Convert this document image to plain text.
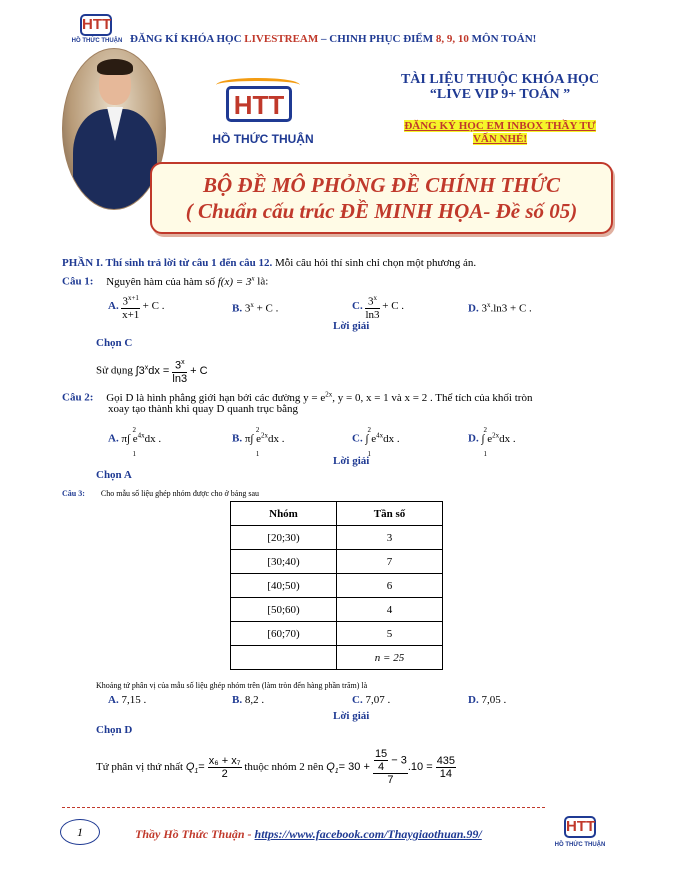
HTT
HỒ THỨC THUẬN ĐĂNG KÍ KHÓA HỌC LIVESTREAM – CHINH PHỤC ĐIỂM 8, 9, 10 MÔN TOÁN!
HTT
HỒ THỨC THUẬN
TÀI LIỆU THUỘC KHÓA HỌC
“LIVE VIP 9+ TOÁN ”
ĐĂNG KÝ HỌC EM INBOX THẦY TƯ
VẤN NHÉ!
BỘ ĐỀ MÔ PHỎNG ĐỀ CHÍNH THỨC
( Chuẩn cấu trúc ĐỀ MINH HỌA- Đề số 05)
PHẦN I. Thí sinh trả lời từ câu 1 đến câu 12. Mỗi câu hỏi thí sinh chỉ chọn một phương án.
Câu 1: Nguyên hàm của hàm số $f(x) = 3^x$ là:
A. $\frac{3^{x+1}}{x+1} + C$ .	B. $3^x + C$ .	C. $\frac{3^x}{\ln 3} + C$ .	D. $3^x.\ln 3 + C$ .
Lời giải
Chọn C
Sử dụng $\int 3^xdx = \frac{3^x}{\ln 3} + C$
Câu 2: Gọi D là hình phẳng giới hạn bởi các đường $y = e^{2x}$, y = 0, x = 1 và x = 2 . Thể tích của khối tròn
xoay tạo thành khi quay D quanh trục bằng
A. π∫ $e^{4x}dx$ .
2
1
B. π∫ $e^{2x}dx$ .
2
1
C. ∫ $e^{4x}dx$ .
2
1
D. ∫ $e^{2x}dx$ .
2
1
Lời giải
Chọn A
Câu 3: Cho mẫu số liệu ghép nhóm được cho ở bảng sau
Nhóm	Tần số
[20;30)	3
[30;40)	7
[40;50)	6
[50;60)	4
[60;70)	5
	n = 25
Khoảng tứ phân vị của mẫu số liệu ghép nhóm trên (làm tròn đến hàng phần trăm) là
A. 7,15 .	B. 8,2 .	C. 7,07 .	D. 7,05 .
Lời giải
Chọn D
Tứ phân vị thứ nhất $Q_1= \frac{\text{x₆ + x₇}}{2}$ thuộc nhóm 2 nên $Q_1= 30 + \frac{\frac{15}{4} - 3}{7} .10 = \frac{435}{14}$
1	Thầy Hồ Thức Thuận - https://www.facebook.com/Thaygiaothuan.99/	HTT
HỒ THỨC THUẬN
